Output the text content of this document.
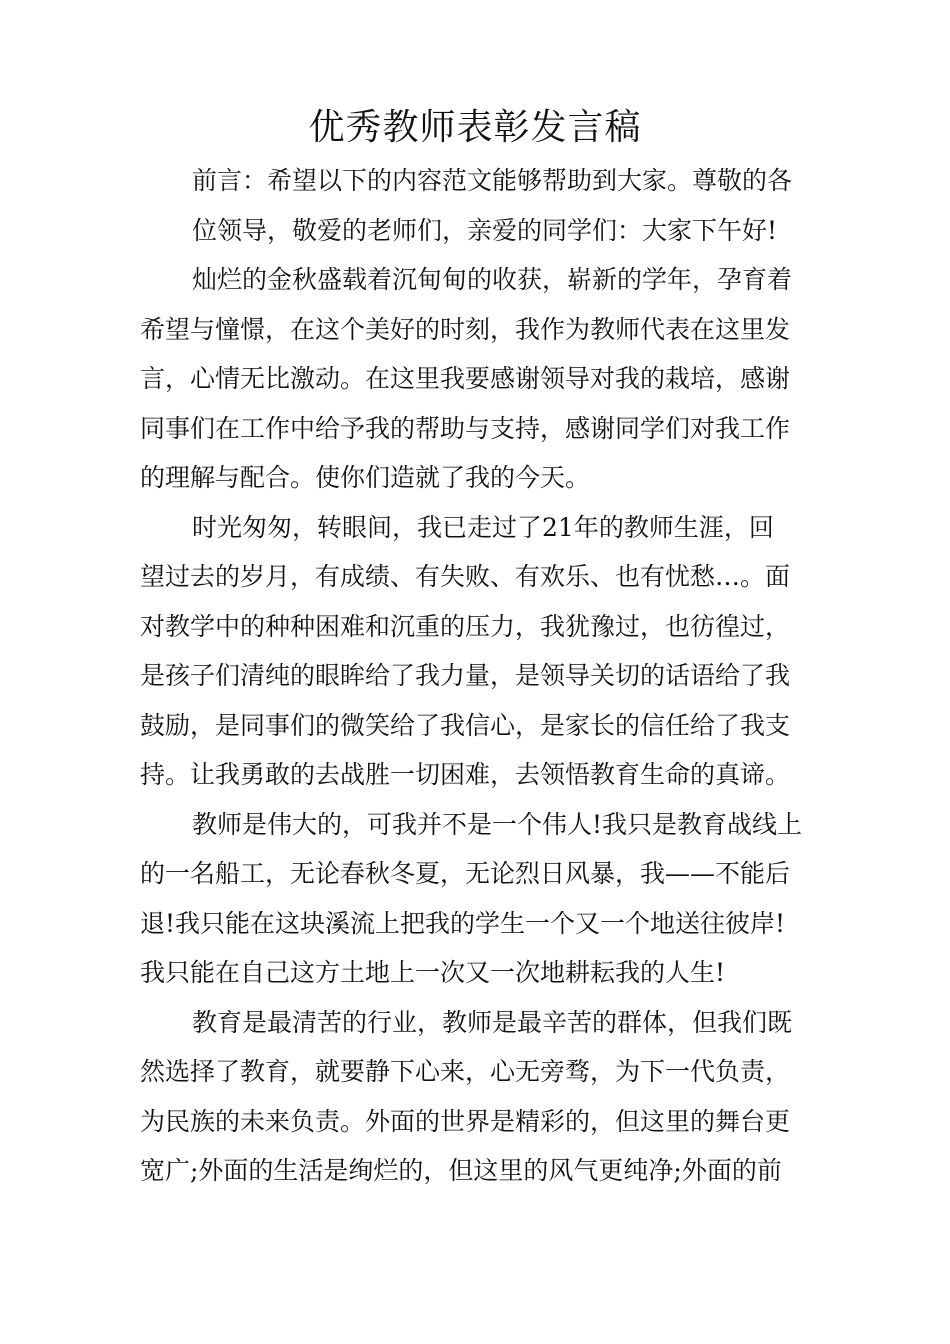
优秀教师表彰发言稿
前言：希望以下的内容范文能够帮助到大家。尊敬的各
位领导，敬爱的老师们，亲爱的同学们：大家下午好!
灿烂的金秋盛载着沉甸甸的收获，崭新的学年，孕育着
希望与憧憬，在这个美好的时刻，我作为教师代表在这里发
言，心情无比激动。在这里我要感谢领导对我的栽培，感谢
同事们在工作中给予我的帮助与支持，感谢同学们对我工作
的理解与配合。使你们造就了我的今天。
时光匆匆，转眼间，我已走过了21年的教师生涯，回
望过去的岁月，有成绩、有失败、有欢乐、也有忧愁…。面
对教学中的种种困难和沉重的压力，我犹豫过，也彷徨过，
是孩子们清纯的眼眸给了我力量，是领导关切的话语给了我
鼓励，是同事们的微笑给了我信心，是家长的信任给了我支
持。让我勇敢的去战胜一切困难，去领悟教育生命的真谛。
教师是伟大的，可我并不是一个伟人!我只是教育战线上
的一名船工，无论春秋冬夏，无论烈日风暴，我——不能后
退!我只能在这块溪流上把我的学生一个又一个地送往彼岸!
我只能在自己这方土地上一次又一次地耕耘我的人生!
教育是最清苦的行业，教师是最辛苦的群体，但我们既
然选择了教育，就要静下心来，心无旁骛，为下一代负责，
为民族的未来负责。外面的世界是精彩的，但这里的舞台更
宽广;外面的生活是绚烂的，但这里的风气更纯净;外面的前
